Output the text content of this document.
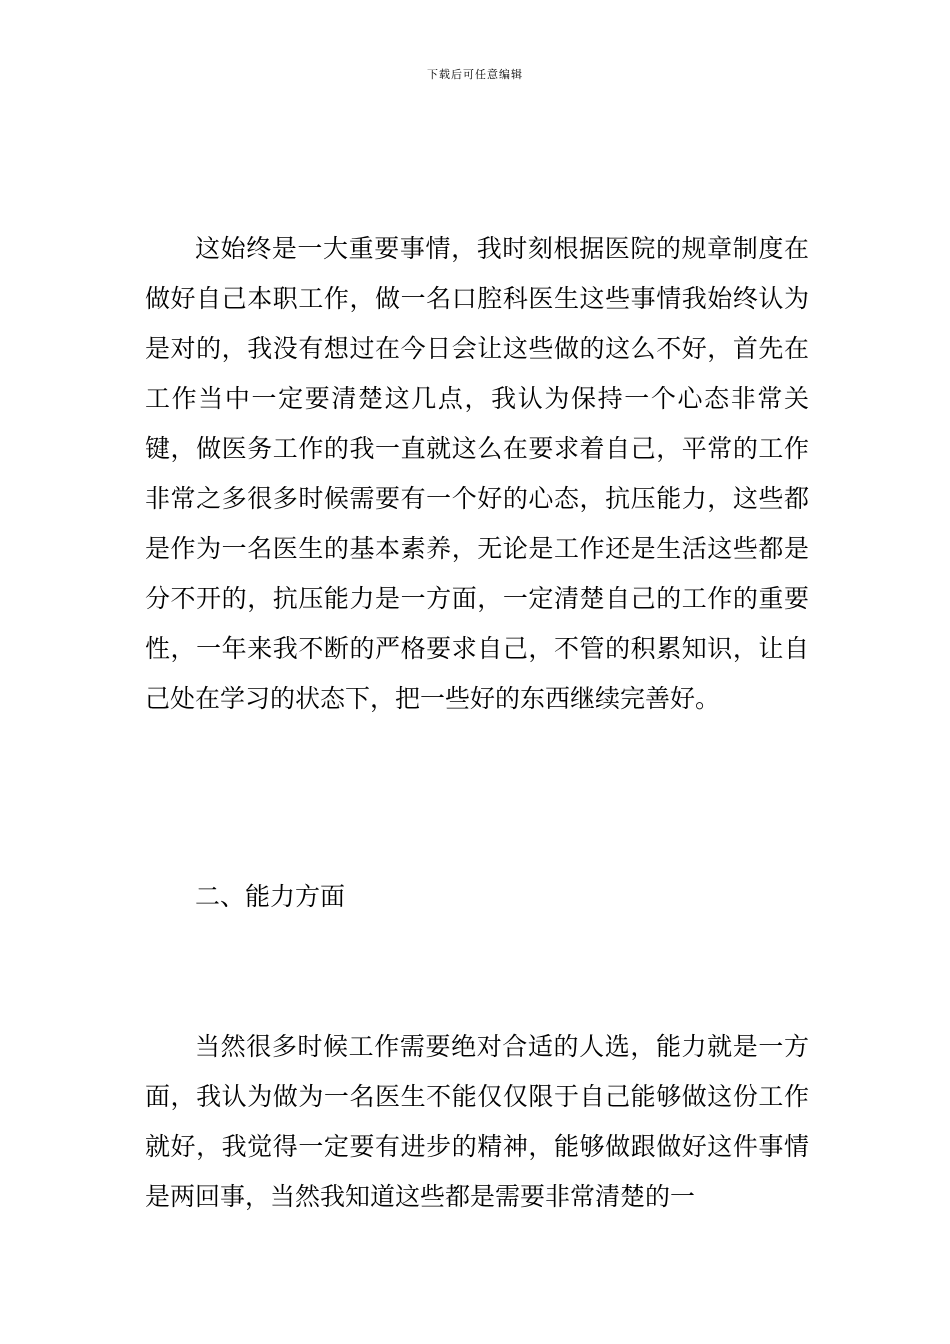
下载后可任意编辑

这始终是一大重要事情，我时刻根据医院的规章制度在做好自己本职工作，做一名口腔科医生这些事情我始终认为是对的，我没有想过在今日会让这些做的这么不好，首先在工作当中一定要清楚这几点，我认为保持一个心态非常关键，做医务工作的我一直就这么在要求着自己，平常的工作非常之多很多时候需要有一个好的心态，抗压能力，这些都是作为一名医生的基本素养，无论是工作还是生活这些都是分不开的，抗压能力是一方面，一定清楚自己的工作的重要性，一年来我不断的严格要求自己，不管的积累知识，让自己处在学习的状态下，把一些好的东西继续完善好。

二、能力方面

当然很多时候工作需要绝对合适的人选，能力就是一方面，我认为做为一名医生不能仅仅限于自己能够做这份工作就好，我觉得一定要有进步的精神，能够做跟做好这件事情是两回事，当然我知道这些都是需要非常清楚的一
